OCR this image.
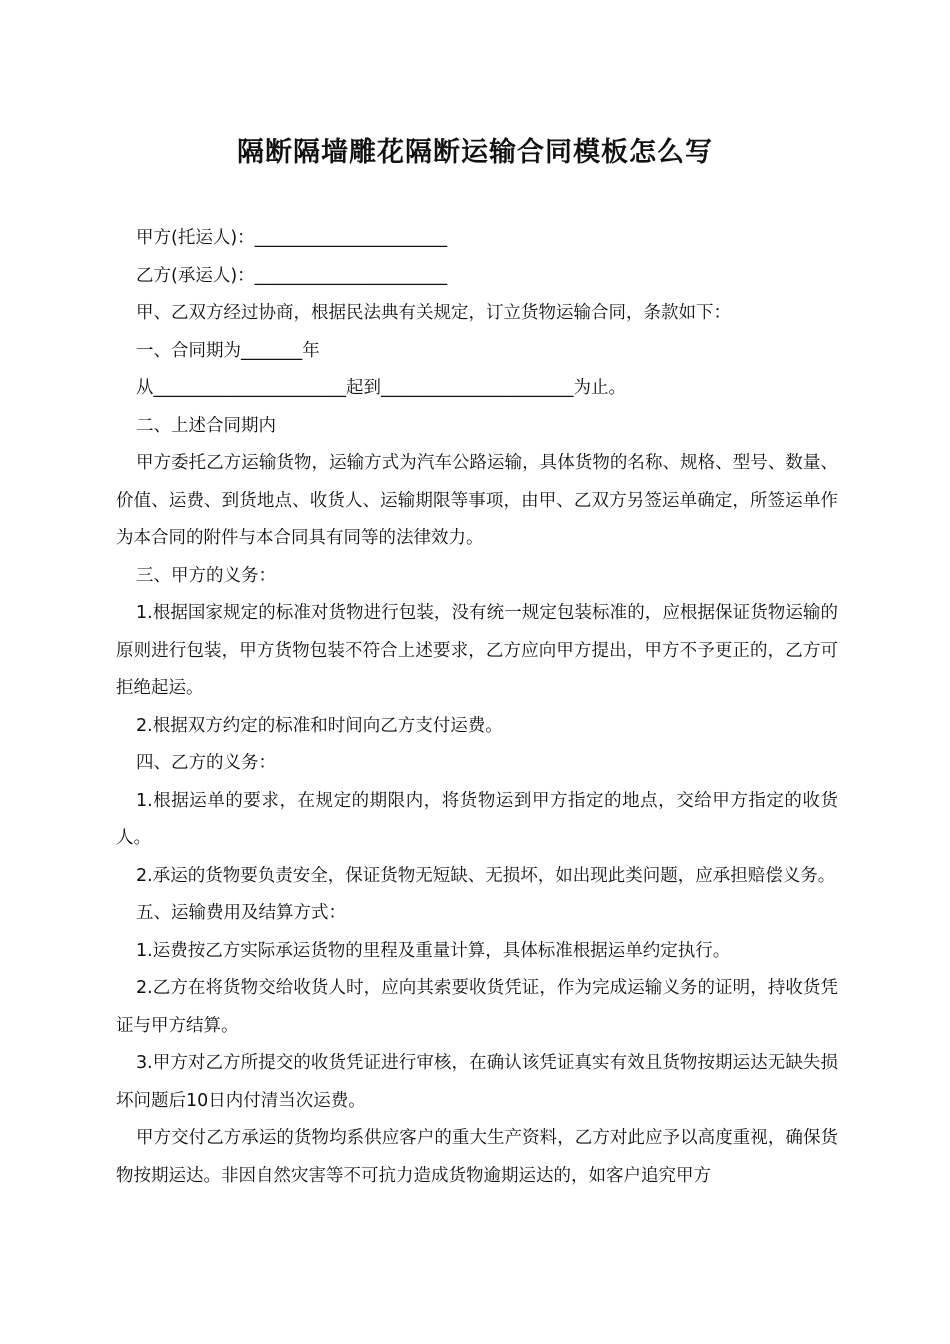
隔断隔墙雕花隔断运输合同模板怎么写

甲方(托运人)：______________________

乙方(承运人)：______________________

甲、乙双方经过协商，根据民法典有关规定，订立货物运输合同，条款如下：

一、合同期为_______年

从______________________起到______________________为止。

二、上述合同期内

甲方委托乙方运输货物，运输方式为汽车公路运输，具体货物的名称、规格、型号、数量、价值、运费、到货地点、收货人、运输期限等事项，由甲、乙双方另签运单确定，所签运单作为本合同的附件与本合同具有同等的法律效力。

三、甲方的义务：

1.根据国家规定的标准对货物进行包装，没有统一规定包装标准的，应根据保证货物运输的原则进行包装，甲方货物包装不符合上述要求，乙方应向甲方提出，甲方不予更正的，乙方可拒绝起运。

2.根据双方约定的标准和时间向乙方支付运费。

四、乙方的义务：

1.根据运单的要求，在规定的期限内，将货物运到甲方指定的地点，交给甲方指定的收货人。

2.承运的货物要负责安全，保证货物无短缺、无损坏，如出现此类问题，应承担赔偿义务。

五、运输费用及结算方式：

1.运费按乙方实际承运货物的里程及重量计算，具体标准根据运单约定执行。

2.乙方在将货物交给收货人时，应向其索要收货凭证，作为完成运输义务的证明，持收货凭证与甲方结算。

3.甲方对乙方所提交的收货凭证进行审核，在确认该凭证真实有效且货物按期运达无缺失损坏问题后10日内付清当次运费。

甲方交付乙方承运的货物均系供应客户的重大生产资料，乙方对此应予以高度重视，确保货物按期运达。非因自然灾害等不可抗力造成货物逾期运达的，如客户追究甲方
